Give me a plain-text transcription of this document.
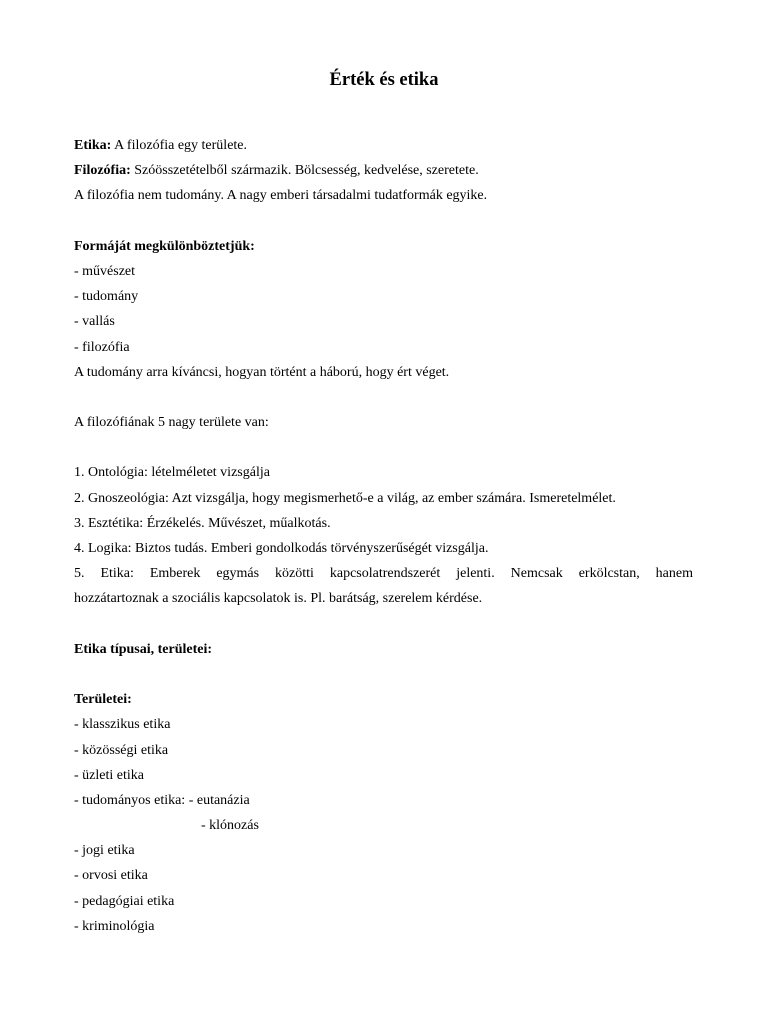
Érték és etika
Etika: A filozófia egy területe.
Filozófia: Szóösszetételből származik. Bölcsesség, kedvelése, szeretete.
A filozófia nem tudomány. A nagy emberi társadalmi tudatformák egyike.
Formáját megkülönböztetjük:
- művészet
- tudomány
- vallás
- filozófia
A tudomány arra kíváncsi, hogyan történt a háború, hogy ért véget.
A filozófiának 5 nagy területe van:
1. Ontológia: lételméletet vizsgálja
2. Gnoszeológia: Azt vizsgálja, hogy megismerhető-e a világ, az ember számára. Ismeretelmélet.
3. Esztétika: Érzékelés. Művészet, műalkotás.
4. Logika: Biztos tudás. Emberi gondolkodás törvényszerűségét vizsgálja.
5. Etika: Emberek egymás közötti kapcsolatrendszerét jelenti. Nemcsak erkölcstan, hanem
hozzátartoznak a szociális kapcsolatok is. Pl. barátság, szerelem kérdése.
Etika típusai, területei:
Területei:
- klasszikus etika
- közösségi etika
- üzleti etika
- tudományos etika: - eutanázia
- klónozás
- jogi etika
- orvosi etika
- pedagógiai etika
- kriminológia
